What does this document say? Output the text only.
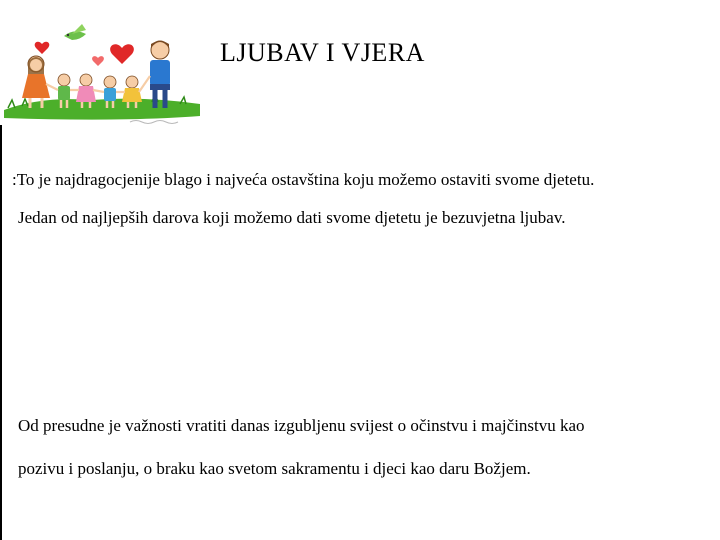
LJUBAV I VJERA
:To je najdragocjenije blago i najveća ostavština koju možemo ostaviti svome djetetu.
Jedan od najljepših darova koji možemo dati svome djetetu je bezuvjetna ljubav.
Od presudne je važnosti vratiti danas izgubljenu svijest o očinstvu i majčinstvu kao
pozivu i poslanju, o braku kao svetom sakramentu i djeci kao daru Božjem.
